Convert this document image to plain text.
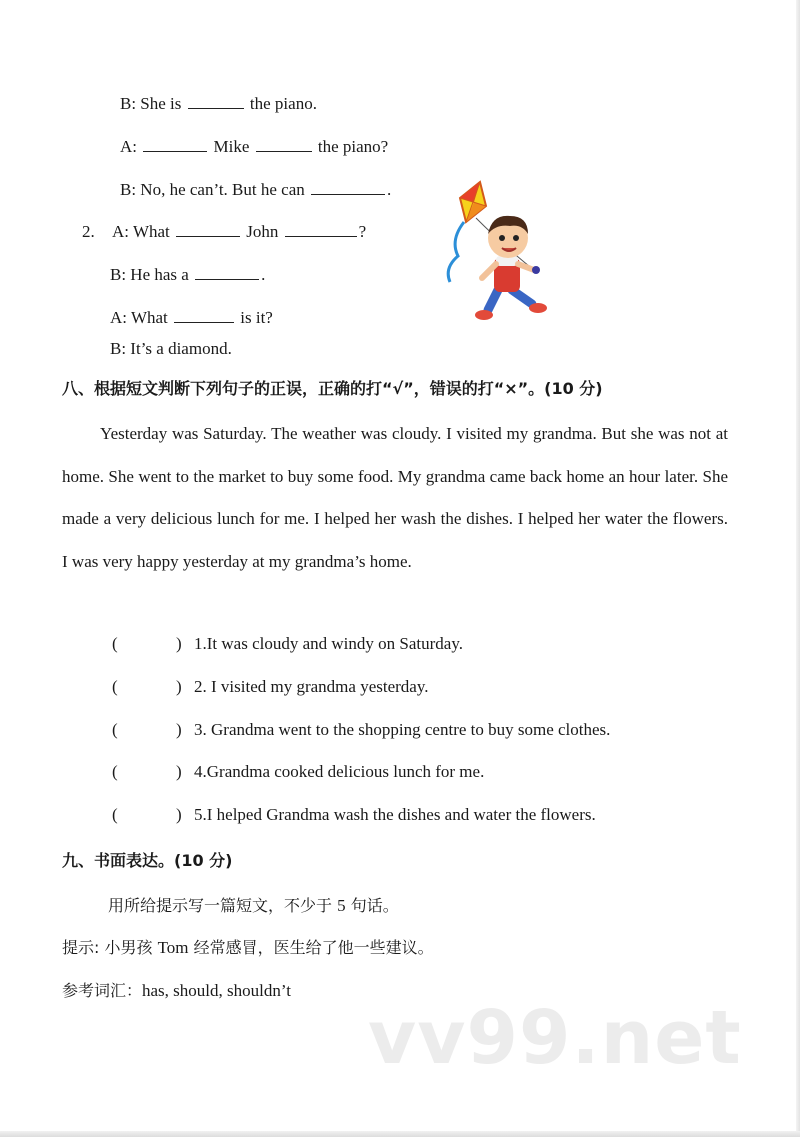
B: She is	the piano.
A:	Mike	the piano?
B: No, he can’t. But he can	.
2. A: What	John	?
B: He has a	.
A: What	is it?
B: It’s a diamond.
八、根据短文判断下列句子的正误，正确的打“√”，错误的打“×”。(10 分)
Yesterday was Saturday. The weather was cloudy. I visited my grandma. But she was not at home. She went to the market to buy some food. My grandma came back home an hour later. She made a very delicious lunch for me. I helped her wash the dishes. I helped her water the flowers. I was very happy yesterday at my grandma’s home.
(	) 1.It was cloudy and windy on Saturday.
(	) 2. I visited my grandma yesterday.
(	) 3. Grandma went to the shopping centre to buy some clothes.
(	) 4.Grandma cooked delicious lunch for me.
(	) 5.I helped Grandma wash the dishes and water the flowers.
九、书面表达。(10 分)
用所给提示写一篇短文，不少于 5 句话。
提示: 小男孩 Tom 经常感冒，医生给了他一些建议。
参考词汇：has, should, shouldn’t
vv99.net
